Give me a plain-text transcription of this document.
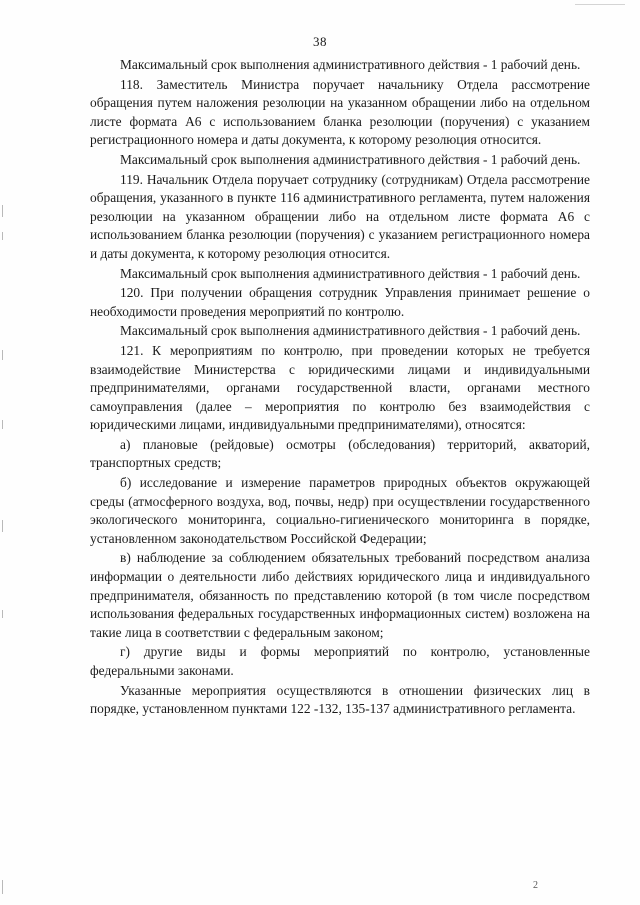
38

Максимальный срок выполнения административного действия - 1 рабочий день.

118. Заместитель Министра поручает начальнику Отдела рассмотрение обращения путем наложения резолюции на указанном обращении либо на отдельном листе формата А6 с использованием бланка резолюции (поручения) с указанием регистрационного номера и даты документа, к которому резолюция относится.

Максимальный срок выполнения административного действия - 1 рабочий день.

119. Начальник Отдела поручает сотруднику (сотрудникам) Отдела рассмотрение обращения, указанного в пункте 116 административного регламента, путем наложения резолюции на указанном обращении либо на отдельном листе формата А6 с использованием бланка резолюции (поручения) с указанием регистрационного номера и даты документа, к которому резолюция относится.

Максимальный срок выполнения административного действия - 1 рабочий день.

120. При получении обращения сотрудник Управления принимает решение о необходимости проведения мероприятий по контролю.

Максимальный срок выполнения административного действия - 1 рабочий день.

121. К мероприятиям по контролю, при проведении которых не требуется взаимодействие Министерства с юридическими лицами и индивидуальными предпринимателями, органами государственной власти, органами местного самоуправления (далее – мероприятия по контролю без взаимодействия с юридическими лицами, индивидуальными предпринимателями), относятся:

а) плановые (рейдовые) осмотры (обследования) территорий, акваторий, транспортных средств;

б) исследование и измерение параметров природных объектов окружающей среды (атмосферного воздуха, вод, почвы, недр) при осуществлении государственного экологического мониторинга, социально-гигиенического мониторинга в порядке, установленном законодательством Российской Федерации;

в) наблюдение за соблюдением обязательных требований посредством анализа информации о деятельности либо действиях юридического лица и индивидуального предпринимателя, обязанность по представлению которой (в том числе посредством использования федеральных государственных информационных систем) возложена на такие лица в соответствии с федеральным законом;

г) другие виды и формы мероприятий по контролю, установленные федеральными законами.

Указанные мероприятия осуществляются в отношении физических лиц в порядке, установленном пунктами 122 -132, 135-137 административного регламента.

2
